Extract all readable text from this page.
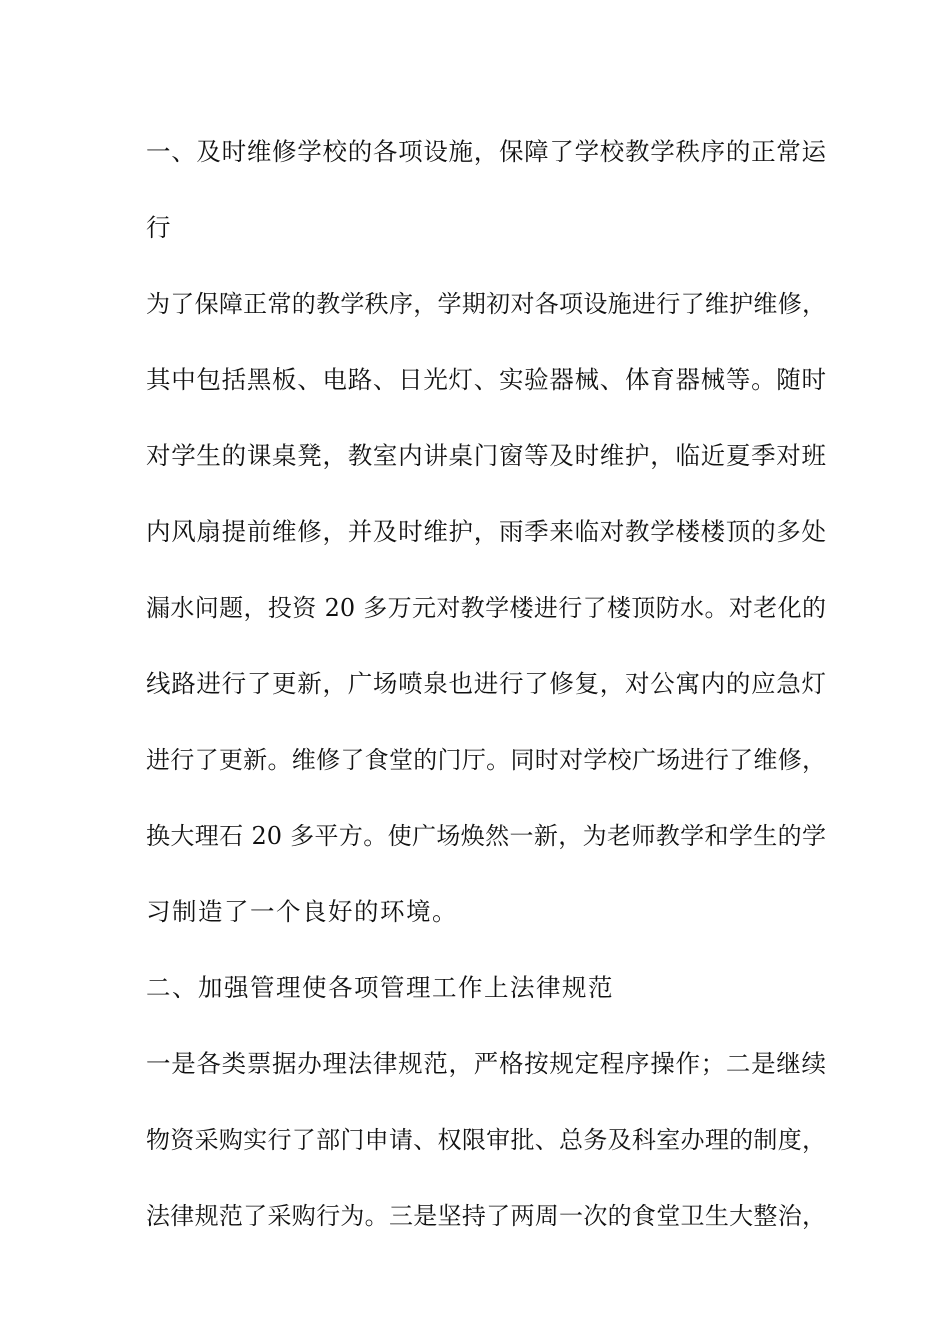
一、及时维修学校的各项设施，保障了学校教学秩序的正常运
行
为了保障正常的教学秩序，学期初对各项设施进行了维护维修，
其中包括黑板、电路、日光灯、实验器械、体育器械等。随时
对学生的课桌凳，教室内讲桌门窗等及时维护，临近夏季对班
内风扇提前维修，并及时维护，雨季来临对教学楼楼顶的多处
漏水问题，投资 20 多万元对教学楼进行了楼顶防水。对老化的
线路进行了更新，广场喷泉也进行了修复，对公寓内的应急灯
进行了更新。维修了食堂的门厅。同时对学校广场进行了维修，
换大理石 20 多平方。使广场焕然一新，为老师教学和学生的学
习制造了一个良好的环境。
二、加强管理使各项管理工作上法律规范
一是各类票据办理法律规范，严格按规定程序操作；二是继续
物资采购实行了部门申请、权限审批、总务及科室办理的制度，
法律规范了采购行为。三是坚持了两周一次的食堂卫生大整治，
